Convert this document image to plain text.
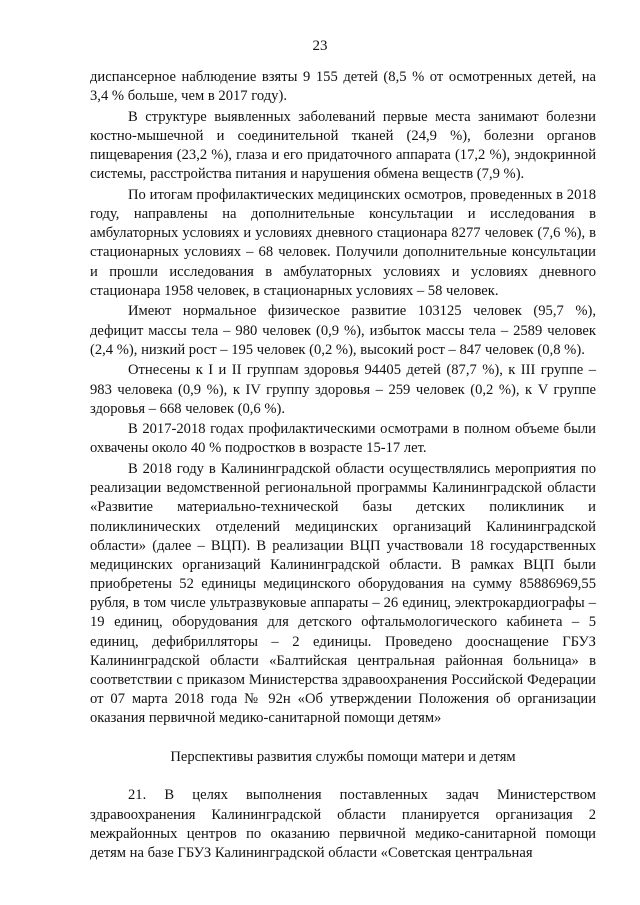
23

диспансерное наблюдение взяты 9 155 детей (8,5 % от осмотренных детей, на 3,4 % больше, чем в 2017 году).

В структуре выявленных заболеваний первые места занимают болезни костно-мышечной и соединительной тканей (24,9 %), болезни органов пищеварения (23,2 %), глаза и его придаточного аппарата (17,2 %), эндокринной системы, расстройства питания и нарушения обмена веществ (7,9 %).

По итогам профилактических медицинских осмотров, проведенных в 2018 году, направлены на дополнительные консультации и исследования в амбулаторных условиях и условиях дневного стационара 8277 человек (7,6 %), в стационарных условиях – 68 человек. Получили дополнительные консультации и прошли исследования в амбулаторных условиях и условиях дневного стационара 1958 человек, в стационарных условиях – 58 человек.

Имеют нормальное физическое развитие 103125 человек (95,7 %), дефицит массы тела – 980 человек (0,9 %), избыток массы тела – 2589 человек (2,4 %), низкий рост – 195 человек (0,2 %), высокий рост – 847 человек (0,8 %).

Отнесены к I и II группам здоровья 94405 детей (87,7 %), к III группе – 983 человека (0,9 %), к IV группу здоровья – 259 человек (0,2 %), к V группе здоровья – 668 человек (0,6 %).

В 2017-2018 годах профилактическими осмотрами в полном объеме были охвачены около 40 % подростков в возрасте 15-17 лет.

В 2018 году в Калининградской области осуществлялись мероприятия по реализации ведомственной региональной программы Калининградской области «Развитие материально-технической базы детских поликлиник и поликлинических отделений медицинских организаций Калининградской области» (далее – ВЦП). В реализации ВЦП участвовали 18 государственных медицинских организаций Калининградской области. В рамках ВЦП были приобретены 52 единицы медицинского оборудования на сумму 85886969,55 рубля, в том числе ультразвуковые аппараты – 26 единиц, электрокардиографы – 19 единиц, оборудования для детского офтальмологического кабинета – 5 единиц, дефибрилляторы – 2 единицы. Проведено дооснащение ГБУЗ Калининградской области «Балтийская центральная районная больница» в соответствии с приказом Министерства здравоохранения Российской Федерации от 07 марта 2018 года № 92н «Об утверждении Положения об организации оказания первичной медико-санитарной помощи детям»

Перспективы развития службы помощи матери и детям

21. В целях выполнения поставленных задач Министерством здравоохранения Калининградской области планируется организация 2 межрайонных центров по оказанию первичной медико-санитарной помощи детям на базе ГБУЗ Калининградской области «Советская центральная
